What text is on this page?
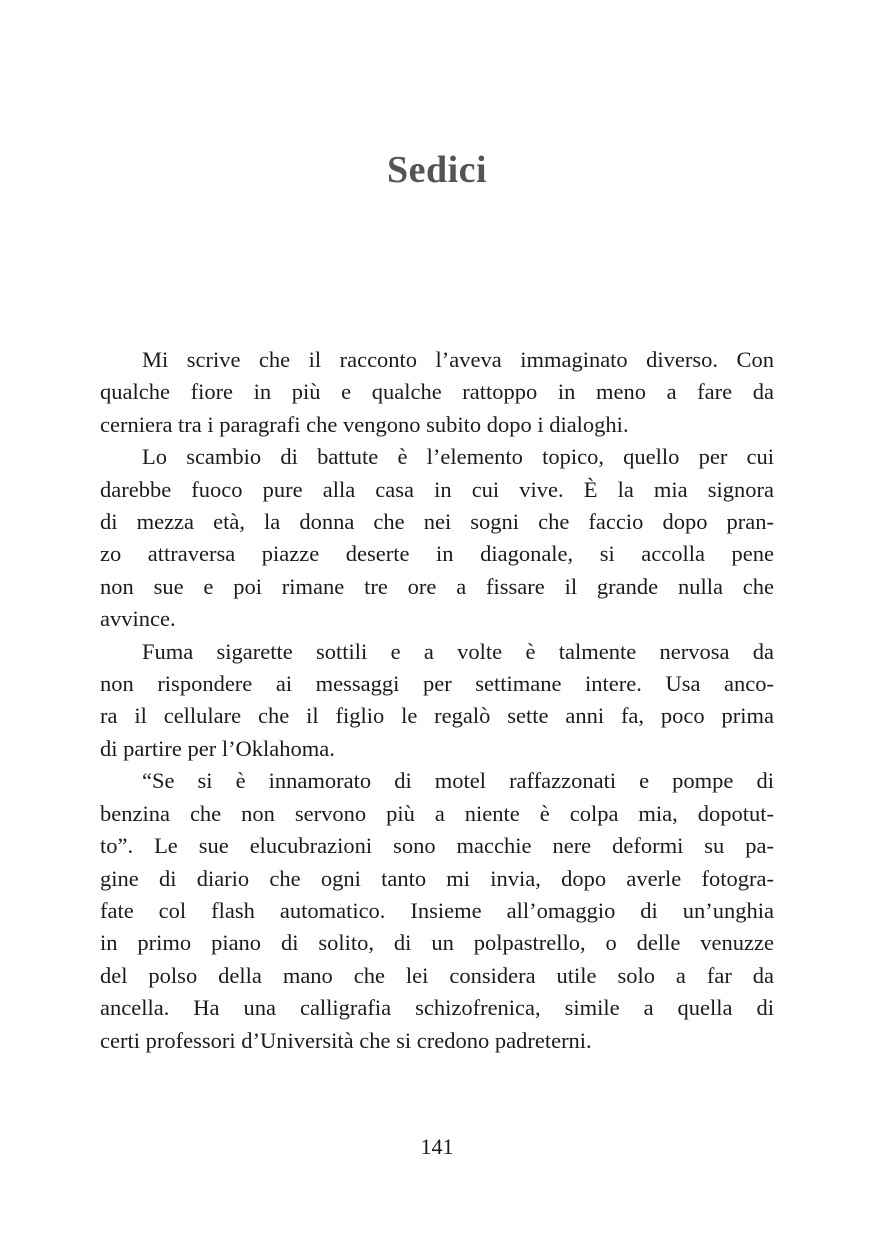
Sedici
Mi scrive che il racconto l’aveva immaginato diverso. Con
qualche fiore in più e qualche rattoppo in meno a fare da
cerniera tra i paragrafi che vengono subito dopo i dialoghi.
Lo scambio di battute è l’elemento topico, quello per cui
darebbe fuoco pure alla casa in cui vive. È la mia signora
di mezza età, la donna che nei sogni che faccio dopo pran-
zo attraversa piazze deserte in diagonale, si accolla pene
non sue e poi rimane tre ore a fissare il grande nulla che
avvince.
Fuma sigarette sottili e a volte è talmente nervosa da
non rispondere ai messaggi per settimane intere. Usa anco-
ra il cellulare che il figlio le regalò sette anni fa, poco prima
di partire per l’Oklahoma.
“Se si è innamorato di motel raffazzonati e pompe di
benzina che non servono più a niente è colpa mia, dopotut-
to”. Le sue elucubrazioni sono macchie nere deformi su pa-
gine di diario che ogni tanto mi invia, dopo averle fotogra-
fate col flash automatico. Insieme all’omaggio di un’unghia
in primo piano di solito, di un polpastrello, o delle venuzze
del polso della mano che lei considera utile solo a far da
ancella. Ha una calligrafia schizofrenica, simile a quella di
certi professori d’Università che si credono padreterni.
141
